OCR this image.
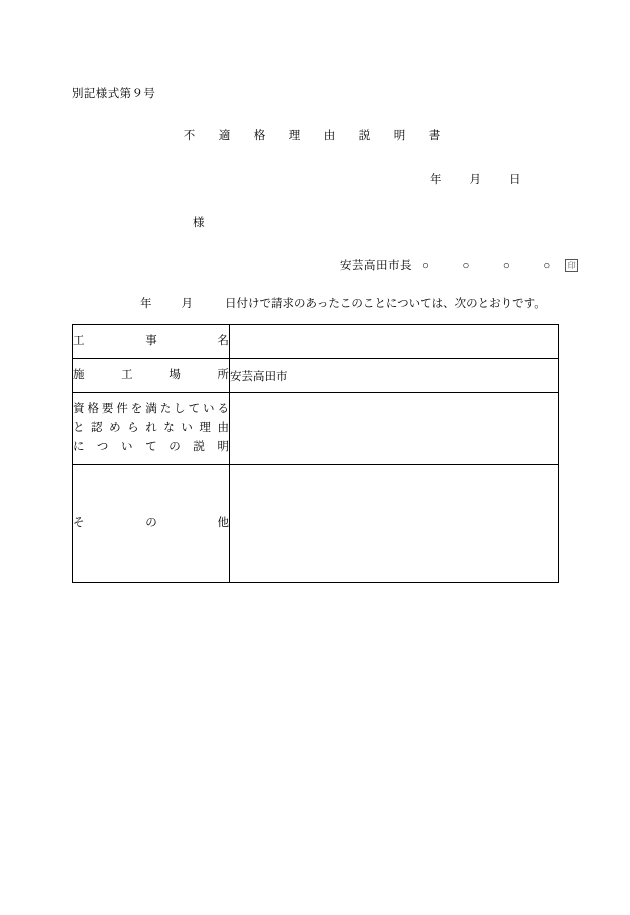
別記様式第９号
不　適　格　理　由　説　明　書
年 月 日
様
安芸高田市長 ○　○　○　○ 印
年	月	日付けで請求のあったこのことについては、次のとおりです。
工　事　名	

施　工　場　所	安芸高田市

資格要件を満たしている
と認められない理由
についての説明	

そ　の　他	
